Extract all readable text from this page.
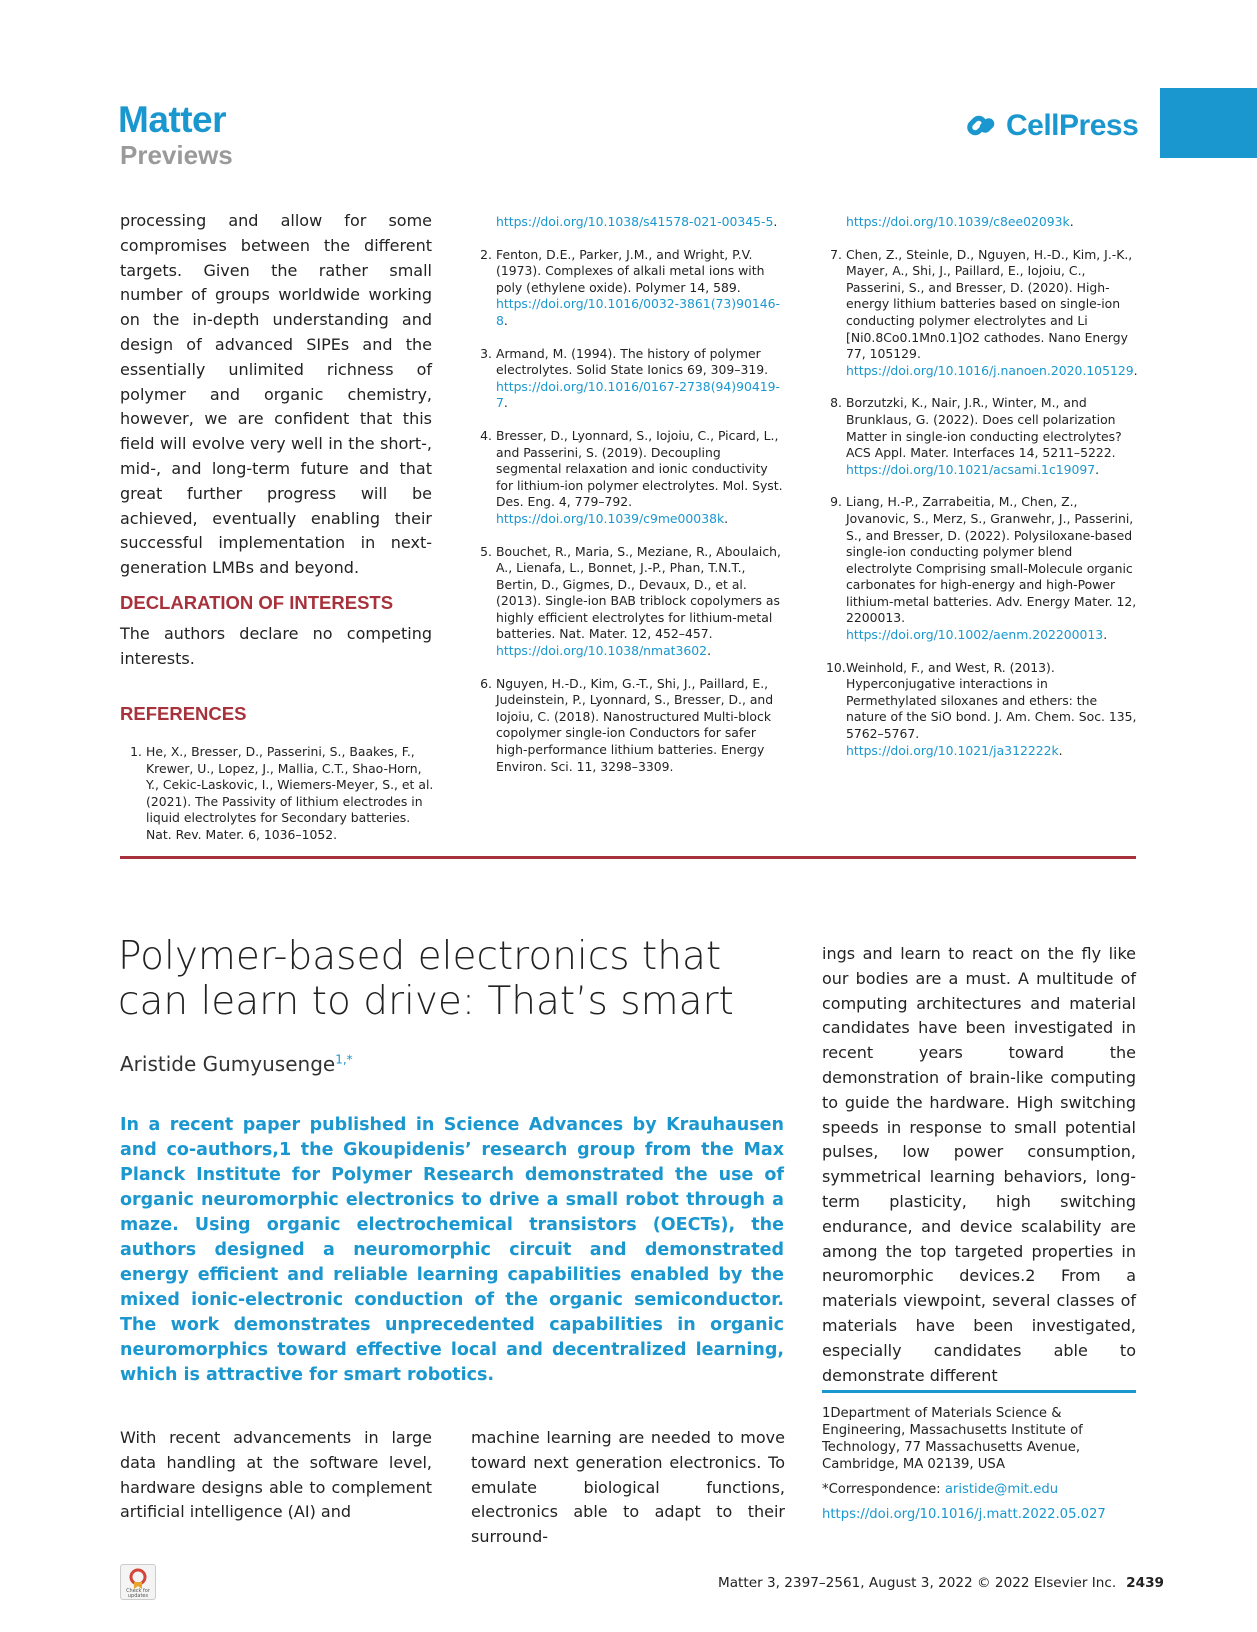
Matter
Previews
CellPress
processing and allow for some compromises between the different targets. Given the rather small number of groups worldwide working on the in-depth understanding and design of advanced SIPEs and the essentially unlimited richness of polymer and organic chemistry, however, we are confident that this field will evolve very well in the short-, mid-, and long-term future and that great further progress will be achieved, eventually enabling their successful implementation in next-generation LMBs and beyond.
DECLARATION OF INTERESTS
The authors declare no competing interests.
REFERENCES
1. He, X., Bresser, D., Passerini, S., Baakes, F., Krewer, U., Lopez, J., Mallia, C.T., Shao-Horn, Y., Cekic-Laskovic, I., Wiemers-Meyer, S., et al. (2021). The Passivity of lithium electrodes in liquid electrolytes for Secondary batteries. Nat. Rev. Mater. 6, 1036–1052.
https://doi.org/10.1038/s41578-021-00345-5.
2. Fenton, D.E., Parker, J.M., and Wright, P.V. (1973). Complexes of alkali metal ions with poly (ethylene oxide). Polymer 14, 589. https://doi.org/10.1016/0032-3861(73)90146-8.
3. Armand, M. (1994). The history of polymer electrolytes. Solid State Ionics 69, 309–319. https://doi.org/10.1016/0167-2738(94)90419-7.
4. Bresser, D., Lyonnard, S., Iojoiu, C., Picard, L., and Passerini, S. (2019). Decoupling segmental relaxation and ionic conductivity for lithium-ion polymer electrolytes. Mol. Syst. Des. Eng. 4, 779–792. https://doi.org/10.1039/c9me00038k.
5. Bouchet, R., Maria, S., Meziane, R., Aboulaich, A., Lienafa, L., Bonnet, J.-P., Phan, T.N.T., Bertin, D., Gigmes, D., Devaux, D., et al. (2013). Single-ion BAB triblock copolymers as highly efficient electrolytes for lithium-metal batteries. Nat. Mater. 12, 452–457. https://doi.org/10.1038/nmat3602.
6. Nguyen, H.-D., Kim, G.-T., Shi, J., Paillard, E., Judeinstein, P., Lyonnard, S., Bresser, D., and Iojoiu, C. (2018). Nanostructured Multi-block copolymer single-ion Conductors for safer high-performance lithium batteries. Energy Environ. Sci. 11, 3298–3309.
https://doi.org/10.1039/c8ee02093k.
7. Chen, Z., Steinle, D., Nguyen, H.-D., Kim, J.-K., Mayer, A., Shi, J., Paillard, E., Iojoiu, C., Passerini, S., and Bresser, D. (2020). High-energy lithium batteries based on single-ion conducting polymer electrolytes and Li [Ni0.8Co0.1Mn0.1]O2 cathodes. Nano Energy 77, 105129. https://doi.org/10.1016/j.nanoen.2020.105129.
8. Borzutzki, K., Nair, J.R., Winter, M., and Brunklaus, G. (2022). Does cell polarization Matter in single-ion conducting electrolytes? ACS Appl. Mater. Interfaces 14, 5211–5222. https://doi.org/10.1021/acsami.1c19097.
9. Liang, H.-P., Zarrabeitia, M., Chen, Z., Jovanovic, S., Merz, S., Granwehr, J., Passerini, S., and Bresser, D. (2022). Polysiloxane-based single-ion conducting polymer blend electrolyte Comprising small-Molecule organic carbonates for high-energy and high-Power lithium-metal batteries. Adv. Energy Mater. 12, 2200013. https://doi.org/10.1002/aenm.202200013.
10. Weinhold, F., and West, R. (2013). Hyperconjugative interactions in Permethylated siloxanes and ethers: the nature of the SiO bond. J. Am. Chem. Soc. 135, 5762–5767. https://doi.org/10.1021/ja312222k.
Polymer-based electronics that can learn to drive: That’s smart
Aristide Gumyusenge$^{1,*}$
In a recent paper published in Science Advances by Krauhausen and co-authors,1 the Gkoupidenis’ research group from the Max Planck Institute for Polymer Research demonstrated the use of organic neuromorphic electronics to drive a small robot through a maze. Using organic electrochemical transistors (OECTs), the authors designed a neuromorphic circuit and demonstrated energy efficient and reliable learning capabilities enabled by the mixed ionic-electronic conduction of the organic semiconductor. The work demonstrates unprecedented capabilities in organic neuromorphics toward effective local and decentralized learning, which is attractive for smart robotics.
With recent advancements in large data handling at the software level, hardware designs able to complement artificial intelligence (AI) and
machine learning are needed to move toward next generation electronics. To emulate biological functions, electronics able to adapt to their surround-
ings and learn to react on the fly like our bodies are a must. A multitude of computing architectures and material candidates have been investigated in recent years toward the demonstration of brain-like computing to guide the hardware. High switching speeds in response to small potential pulses, low power consumption, symmetrical learning behaviors, long-term plasticity, high switching endurance, and device scalability are among the top targeted properties in neuromorphic devices.2 From a materials viewpoint, several classes of materials have been investigated, especially candidates able to demonstrate different
1Department of Materials Science & Engineering, Massachusetts Institute of Technology, 77 Massachusetts Avenue, Cambridge, MA 02139, USA
*Correspondence: aristide@mit.edu
https://doi.org/10.1016/j.matt.2022.05.027
Check for updates
Matter 3, 2397–2561, August 3, 2022 © 2022 Elsevier Inc. 2439
